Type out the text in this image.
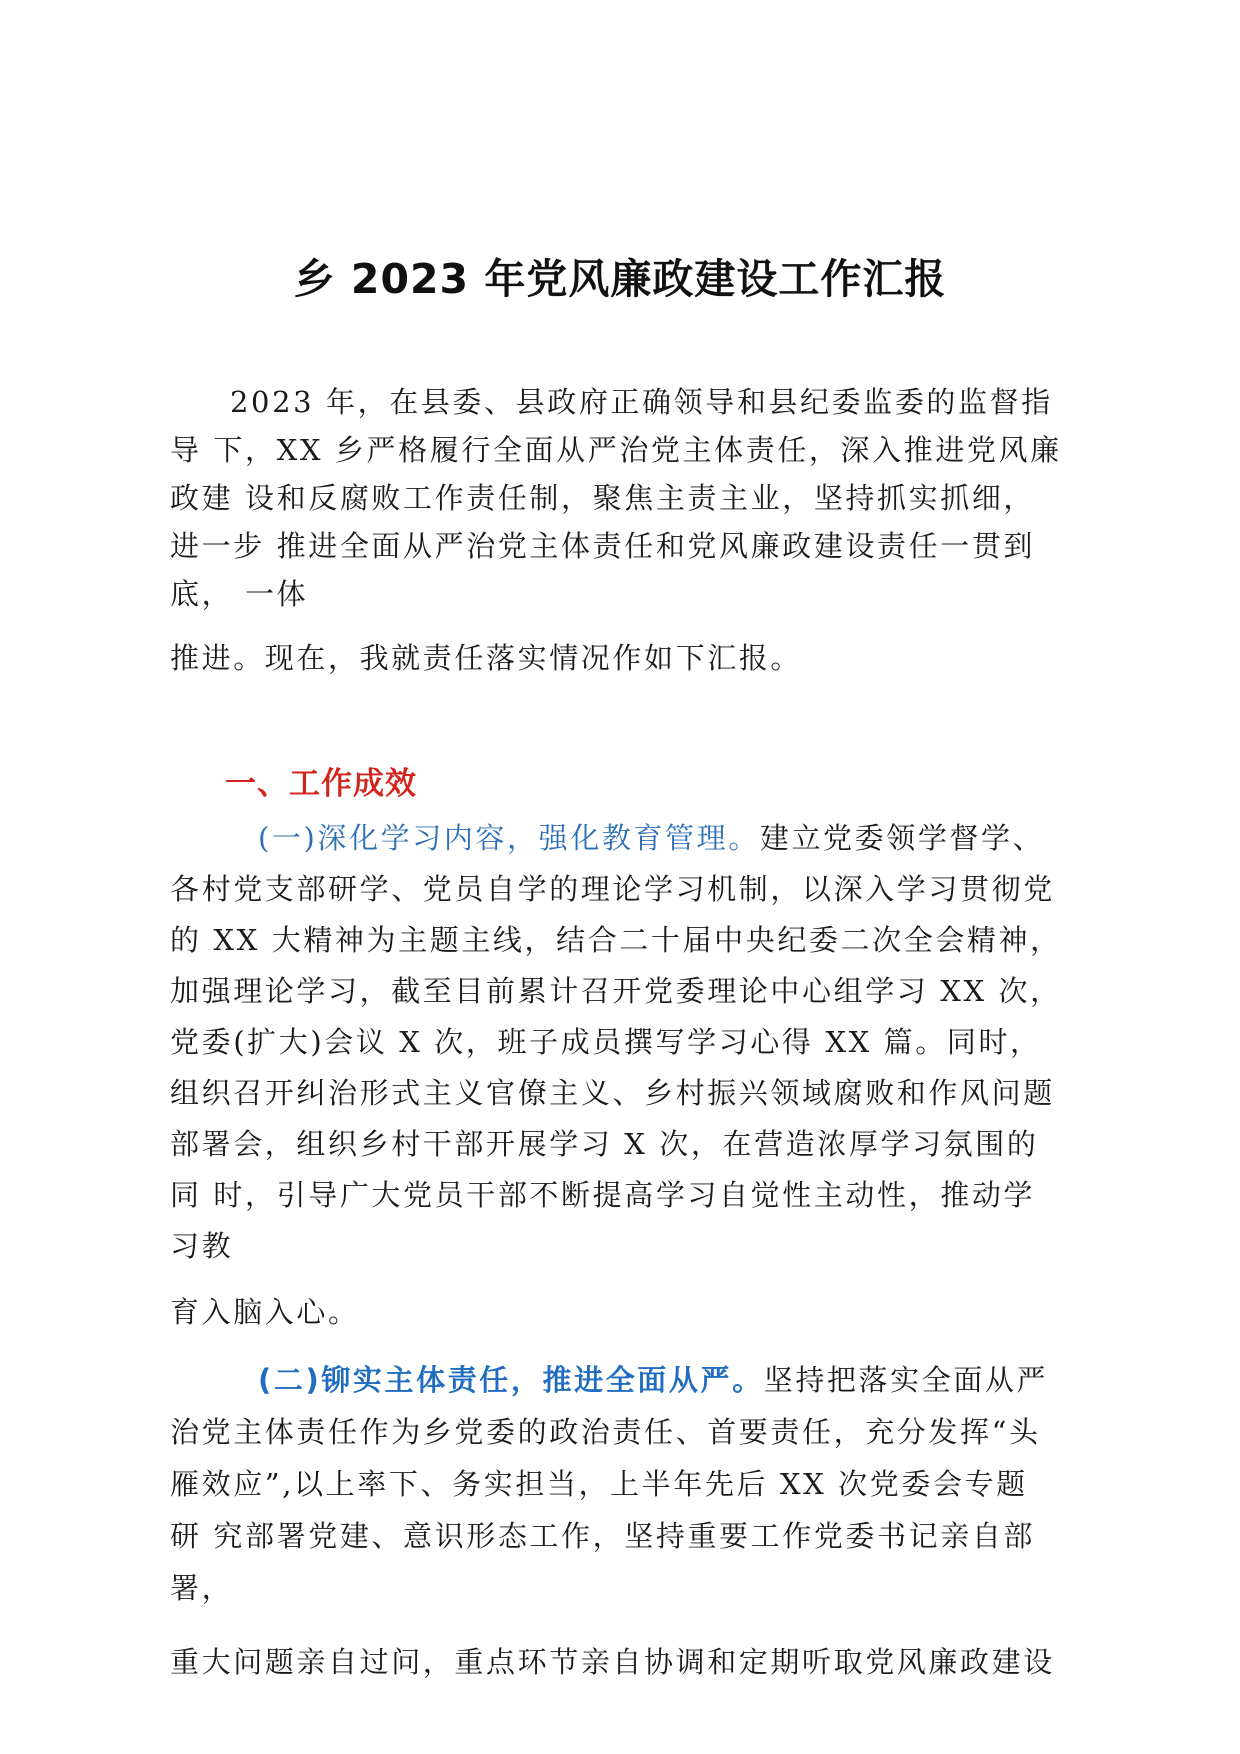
乡 2023 年党风廉政建设工作汇报
2023 年，在县委、县政府正确领导和县纪委监委的监督指
导 下，XX 乡严格履行全面从严治党主体责任，深入推进党风廉
政建 设和反腐败工作责任制，聚焦主责主业，坚持抓实抓细，
进一步 推进全面从严治党主体责任和党风廉政建设责任一贯到
底， 一体
推进。现在，我就责任落实情况作如下汇报。
一、工作成效
(一)深化学习内容，强化教育管理。建立党委领学督学、
各村党支部研学、党员自学的理论学习机制，以深入学习贯彻党
的 XX 大精神为主题主线，结合二十届中央纪委二次全会精神，
加强理论学习，截至目前累计召开党委理论中心组学习 XX 次，
党委(扩大)会议 X 次，班子成员撰写学习心得 XX 篇。同时，
组织召开纠治形式主义官僚主义、乡村振兴领域腐败和作风问题
部署会，组织乡村干部开展学习 X 次，在营造浓厚学习氛围的
同 时，引导广大党员干部不断提高学习自觉性主动性，推动学
习教
育入脑入心。
(二)铆实主体责任，推进全面从严。坚持把落实全面从严
治党主体责任作为乡党委的政治责任、首要责任，充分发挥“头
雁效应”,以上率下、务实担当，上半年先后 XX 次党委会专题
研 究部署党建、意识形态工作，坚持重要工作党委书记亲自部
署，
重大问题亲自过问，重点环节亲自协调和定期听取党风廉政建设
